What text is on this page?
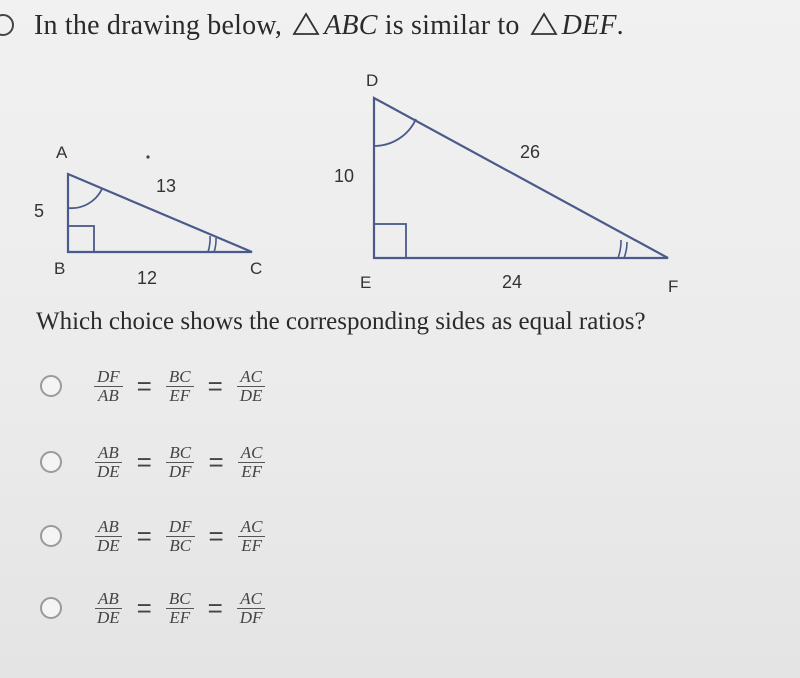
In the drawing below, ABC is similar to DEF.
A
B	C
5
13
12
D
E	F
10
26
24
Which choice shows the corresponding sides as equal ratios?
$\frac{DF}{AB} = \frac{BC}{EF} = \frac{AC}{DE}$
$\frac{AB}{DE} = \frac{BC}{DF} = \frac{AC}{EF}$
$\frac{AB}{DE} = \frac{DF}{BC} = \frac{AC}{EF}$
$\frac{AB}{DE} = \frac{BC}{EF} = \frac{AC}{DF}$
